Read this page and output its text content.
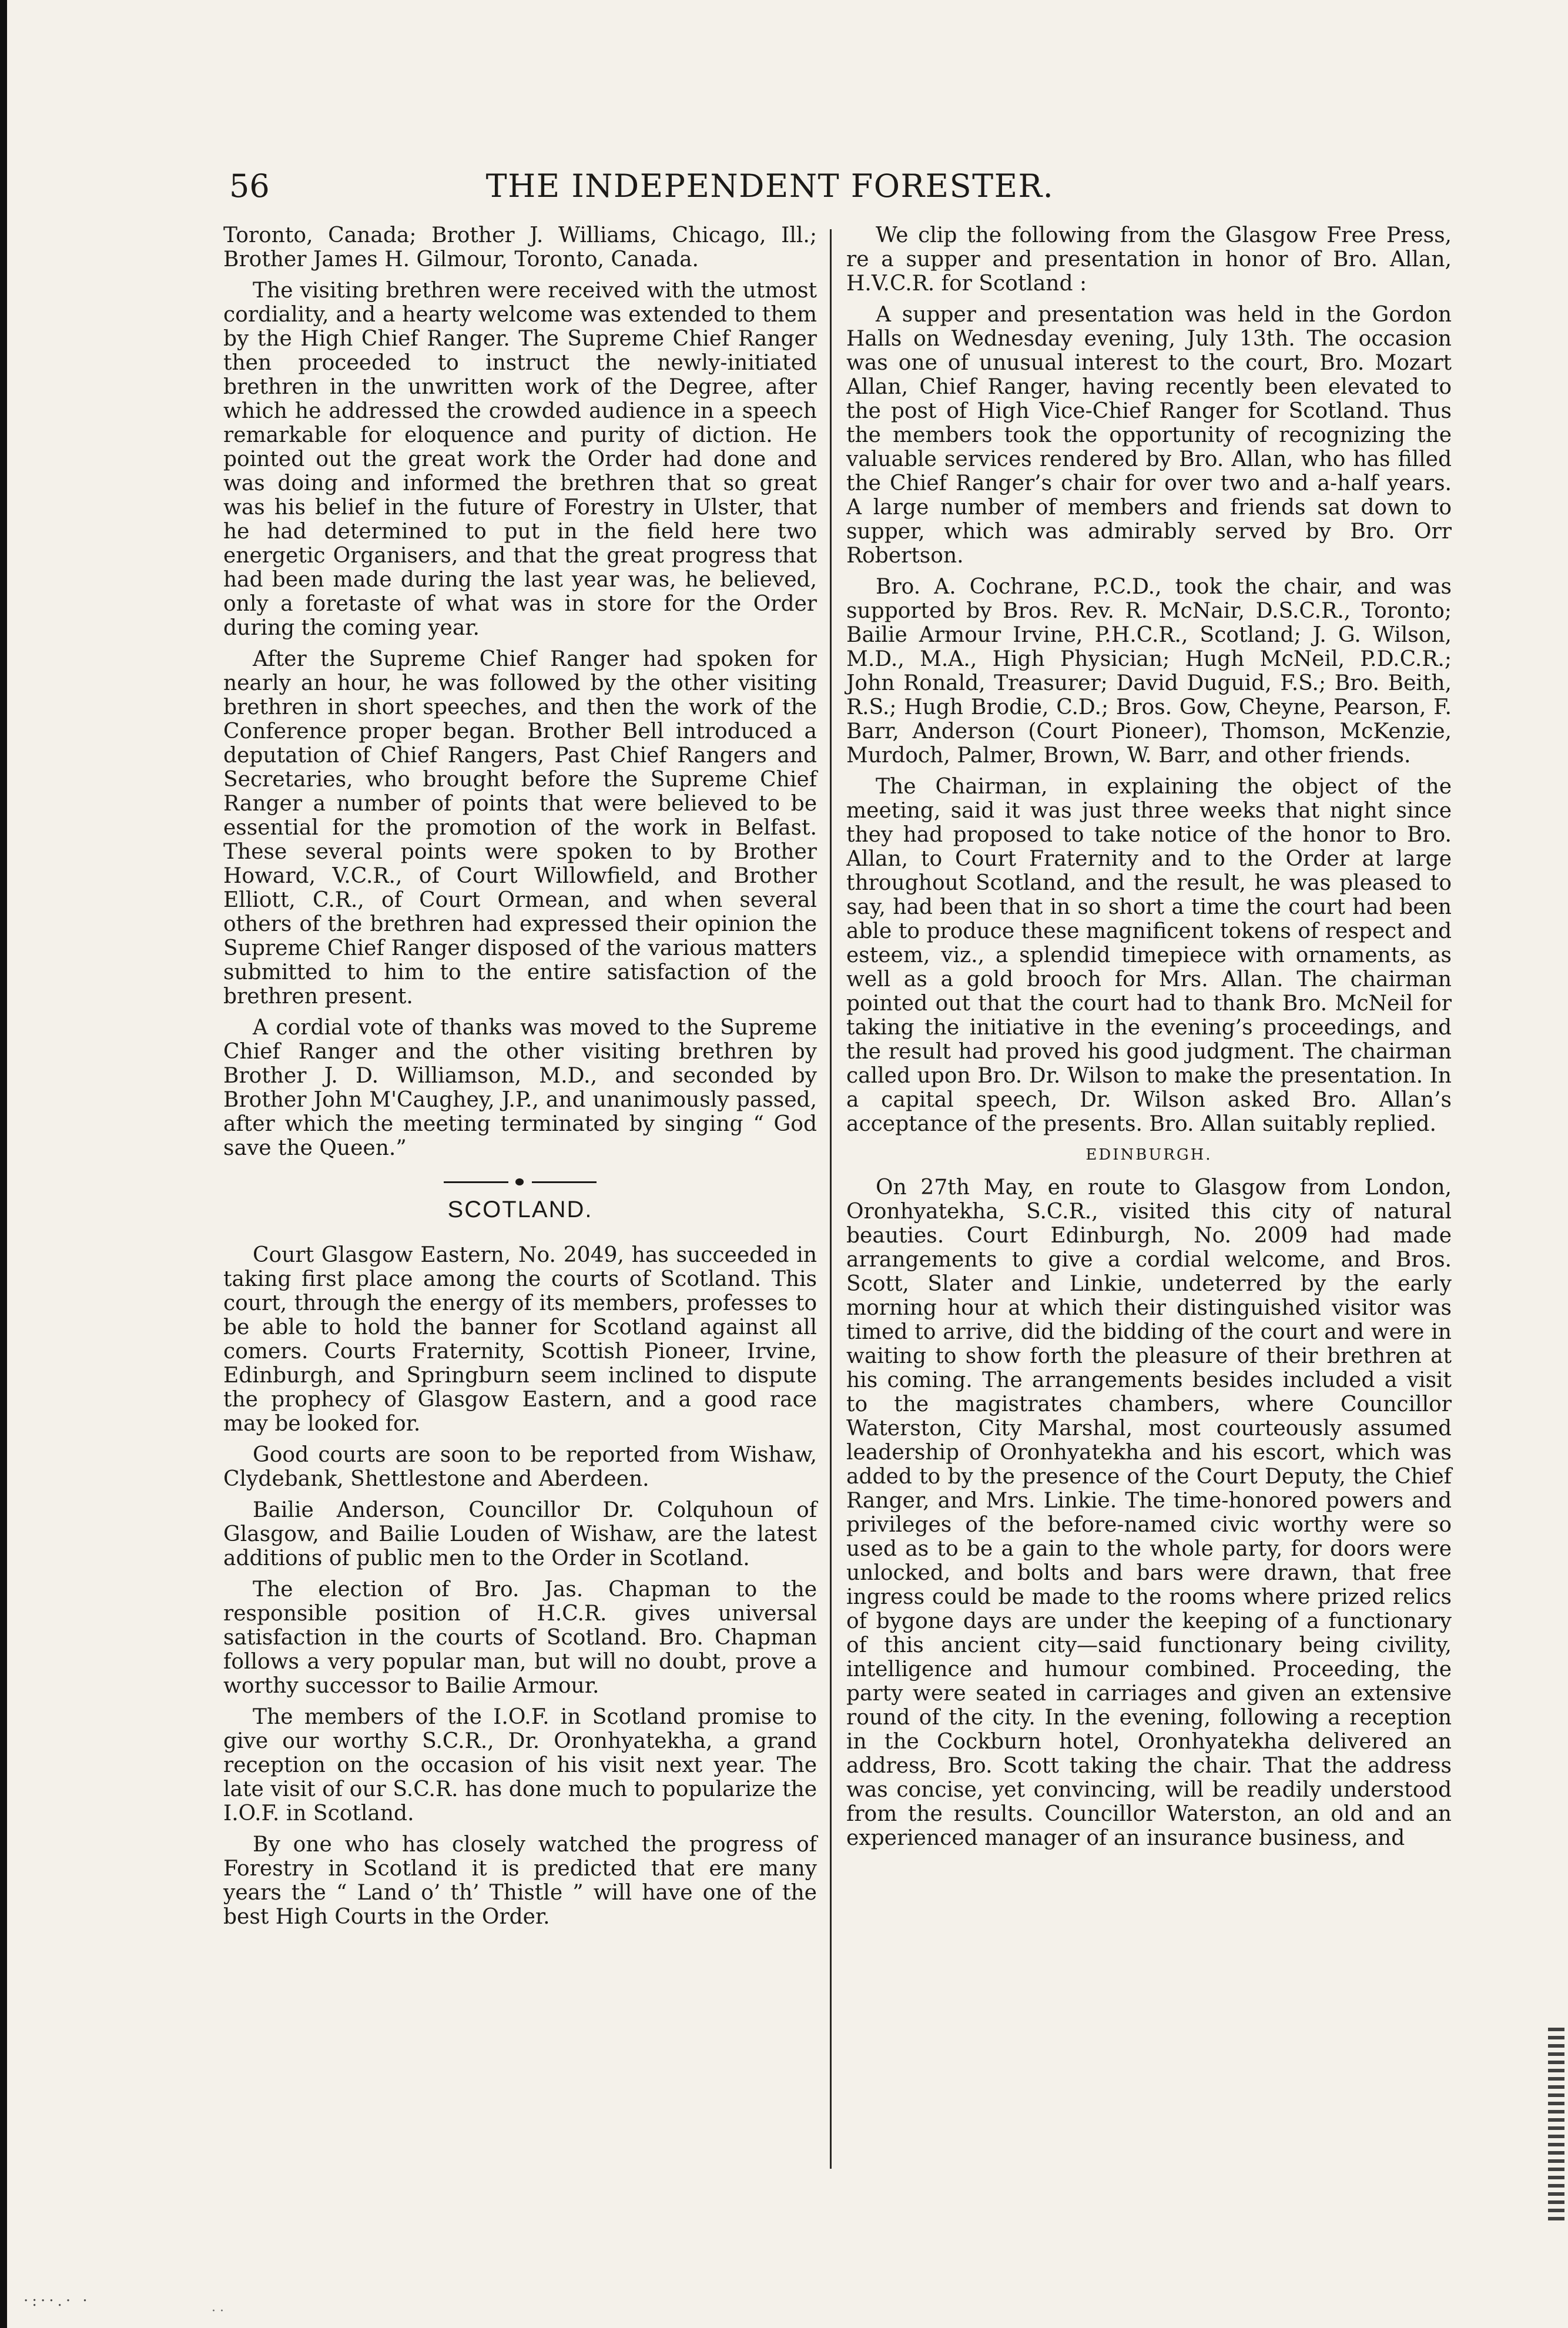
56	THE INDEPENDENT FORESTER.

Toronto, Canada; Brother J. Williams, Chicago, Ill.; Brother James H. Gilmour, Toronto, Canada.

The visiting brethren were received with the utmost cordiality, and a hearty welcome was extended to them by the High Chief Ranger. The Supreme Chief Ranger then proceeded to instruct the newly-initiated brethren in the unwritten work of the Degree, after which he addressed the crowded audience in a speech remarkable for eloquence and purity of diction. He pointed out the great work the Order had done and was doing and informed the brethren that so great was his belief in the future of Forestry in Ulster, that he had determined to put in the field here two energetic Organisers, and that the great progress that had been made during the last year was, he believed, only a foretaste of what was in store for the Order during the coming year.

After the Supreme Chief Ranger had spoken for nearly an hour, he was followed by the other visiting brethren in short speeches, and then the work of the Conference proper began. Brother Bell introduced a deputation of Chief Rangers, Past Chief Rangers and Secretaries, who brought before the Supreme Chief Ranger a number of points that were believed to be essential for the promotion of the work in Belfast. These several points were spoken to by Brother Howard, V.C.R., of Court Willowfield, and Brother Elliott, C.R., of Court Ormean, and when several others of the brethren had expressed their opinion the Supreme Chief Ranger disposed of the various matters submitted to him to the entire satisfaction of the brethren present.

A cordial vote of thanks was moved to the Supreme Chief Ranger and the other visiting brethren by Brother J. D. Williamson, M.D., and seconded by Brother John M'Caughey, J.P., and unanimously passed, after which the meeting terminated by singing “ God save the Queen.”

SCOTLAND.

Court Glasgow Eastern, No. 2049, has succeeded in taking first place among the courts of Scotland. This court, through the energy of its members, professes to be able to hold the banner for Scotland against all comers. Courts Fraternity, Scottish Pioneer, Irvine, Edinburgh, and Springburn seem inclined to dispute the prophecy of Glasgow Eastern, and a good race may be looked for.

Good courts are soon to be reported from Wishaw, Clydebank, Shettlestone and Aberdeen.

Bailie Anderson, Councillor Dr. Colquhoun of Glasgow, and Bailie Louden of Wishaw, are the latest additions of public men to the Order in Scotland.

The election of Bro. Jas. Chapman to the responsible position of H.C.R. gives universal satisfaction in the courts of Scotland. Bro. Chapman follows a very popular man, but will no doubt, prove a worthy successor to Bailie Armour.

The members of the I.O.F. in Scotland promise to give our worthy S.C.R., Dr. Oronhyatekha, a grand reception on the occasion of his visit next year. The late visit of our S.C.R. has done much to popularize the I.O.F. in Scotland.

By one who has closely watched the progress of Forestry in Scotland it is predicted that ere many years the “ Land o’ th’ Thistle ” will have one of the best High Courts in the Order.

We clip the following from the Glasgow Free Press, re a supper and presentation in honor of Bro. Allan, H.V.C.R. for Scotland :

A supper and presentation was held in the Gordon Halls on Wednesday evening, July 13th. The occasion was one of unusual interest to the court, Bro. Mozart Allan, Chief Ranger, having recently been elevated to the post of High Vice-Chief Ranger for Scotland. Thus the members took the opportunity of recognizing the valuable services rendered by Bro. Allan, who has filled the Chief Ranger’s chair for over two and a-half years. A large number of members and friends sat down to supper, which was admirably served by Bro. Orr Robertson.

Bro. A. Cochrane, P.C.D., took the chair, and was supported by Bros. Rev. R. McNair, D.S.C.R., Toronto; Bailie Armour Irvine, P.H.C.R., Scotland; J. G. Wilson, M.D., M.A., High Physician; Hugh McNeil, P.D.C.R.; John Ronald, Treasurer; David Duguid, F.S.; Bro. Beith, R.S.; Hugh Brodie, C.D.; Bros. Gow, Cheyne, Pearson, F. Barr, Anderson (Court Pioneer), Thomson, McKenzie, Murdoch, Palmer, Brown, W. Barr, and other friends.

The Chairman, in explaining the object of the meeting, said it was just three weeks that night since they had proposed to take notice of the honor to Bro. Allan, to Court Fraternity and to the Order at large throughout Scotland, and the result, he was pleased to say, had been that in so short a time the court had been able to produce these magnificent tokens of respect and esteem, viz., a splendid timepiece with ornaments, as well as a gold brooch for Mrs. Allan. The chairman pointed out that the court had to thank Bro. McNeil for taking the initiative in the evening’s proceedings, and the result had proved his good judgment. The chairman called upon Bro. Dr. Wilson to make the presentation. In a capital speech, Dr. Wilson asked Bro. Allan’s acceptance of the presents. Bro. Allan suitably replied.

EDINBURGH.

On 27th May, en route to Glasgow from London, Oronhyatekha, S.C.R., visited this city of natural beauties. Court Edinburgh, No. 2009 had made arrangements to give a cordial welcome, and Bros. Scott, Slater and Linkie, undeterred by the early morning hour at which their distinguished visitor was timed to arrive, did the bidding of the court and were in waiting to show forth the pleasure of their brethren at his coming. The arrangements besides included a visit to the magistrates chambers, where Councillor Waterston, City Marshal, most courteously assumed leadership of Oronhyatekha and his escort, which was added to by the presence of the Court Deputy, the Chief Ranger, and Mrs. Linkie. The time-honored powers and privileges of the before-named civic worthy were so used as to be a gain to the whole party, for doors were unlocked, and bolts and bars were drawn, that free ingress could be made to the rooms where prized relics of bygone days are under the keeping of a functionary of this ancient city—said functionary being civility, intelligence and humour combined. Proceeding, the party were seated in carriages and given an extensive round of the city. In the evening, following a reception in the Cockburn hotel, Oronhyatekha delivered an address, Bro. Scott taking the chair. That the address was concise, yet convincing, will be readily understood from the results. Councillor Waterston, an old and an experienced manager of an insurance business, and

·:··.· ·
· ·
